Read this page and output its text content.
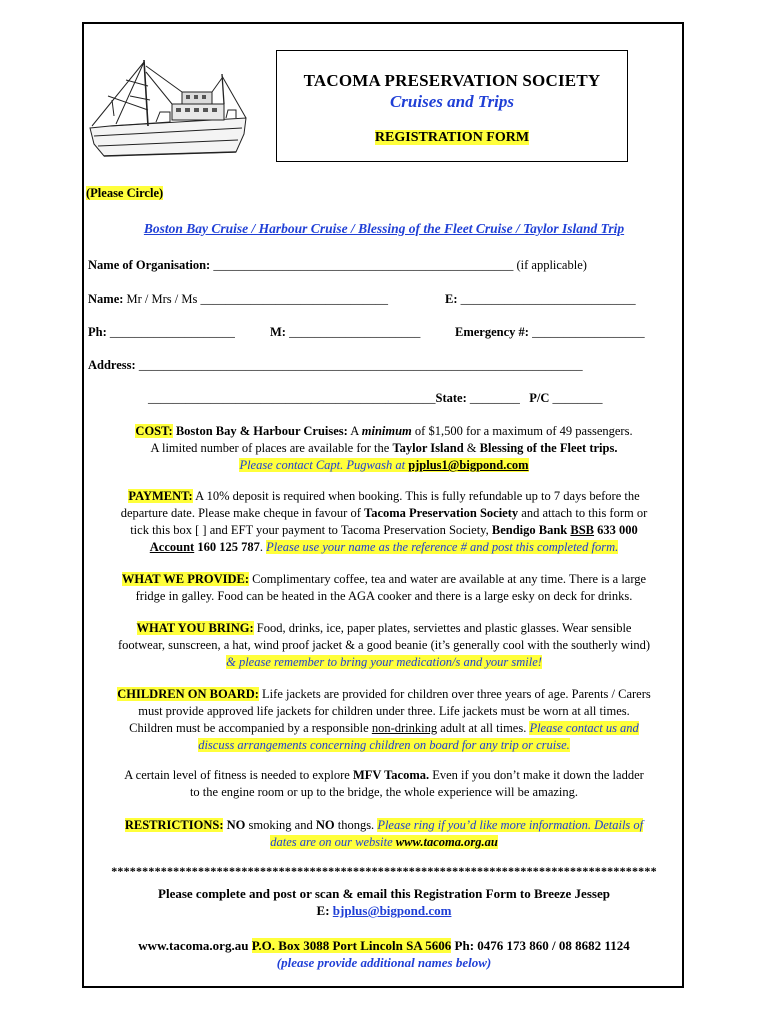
TACOMA PRESERVATION SOCIETY
Cruises and Trips
REGISTRATION FORM
(Please Circle)
Boston Bay Cruise / Harbour Cruise / Blessing of the Fleet Cruise / Taylor Island Trip
Name of Organisation: ________________________________________________ (if applicable)
Name: Mr / Mrs / Ms ______________________________	E: ____________________________
Ph: ____________________	M: _____________________	Emergency #: __________________
Address: _______________________________________________________________________
______________________________________________State: ________ P/C ________
COST: Boston Bay & Harbour Cruises: A minimum of $1,500 for a maximum of 49 passengers.
A limited number of places are available for the Taylor Island & Blessing of the Fleet trips.
Please contact Capt. Pugwash at pjplus1@bigpond.com
PAYMENT: A 10% deposit is required when booking. This is fully refundable up to 7 days before the
departure date. Please make cheque in favour of Tacoma Preservation Society and attach to this form or
tick this box [ ] and EFT your payment to Tacoma Preservation Society, Bendigo Bank BSB 633 000
Account 160 125 787. Please use your name as the reference # and post this completed form.
WHAT WE PROVIDE: Complimentary coffee, tea and water are available at any time. There is a large
fridge in galley. Food can be heated in the AGA cooker and there is a large esky on deck for drinks.
WHAT YOU BRING: Food, drinks, ice, paper plates, serviettes and plastic glasses. Wear sensible
footwear, sunscreen, a hat, wind proof jacket & a good beanie (it’s generally cool with the southerly wind)
& please remember to bring your medication/s and your smile!
CHILDREN ON BOARD: Life jackets are provided for children over three years of age. Parents / Carers
must provide approved life jackets for children under three. Life jackets must be worn at all times.
Children must be accompanied by a responsible non-drinking adult at all times. Please contact us and
discuss arrangements concerning children on board for any trip or cruise.
A certain level of fitness is needed to explore MFV Tacoma. Even if you don’t make it down the ladder
to the engine room or up to the bridge, the whole experience will be amazing.
RESTRICTIONS: NO smoking and NO thongs. Please ring if you’d like more information. Details of
dates are on our website www.tacoma.org.au
****************************************************************************************
Please complete and post or scan & email this Registration Form to Breeze Jessep
E: bjplus@bigpond.com
www.tacoma.org.au P.O. Box 3088 Port Lincoln SA 5606 Ph: 0476 173 860 / 08 8682 1124
(please provide additional names below)
